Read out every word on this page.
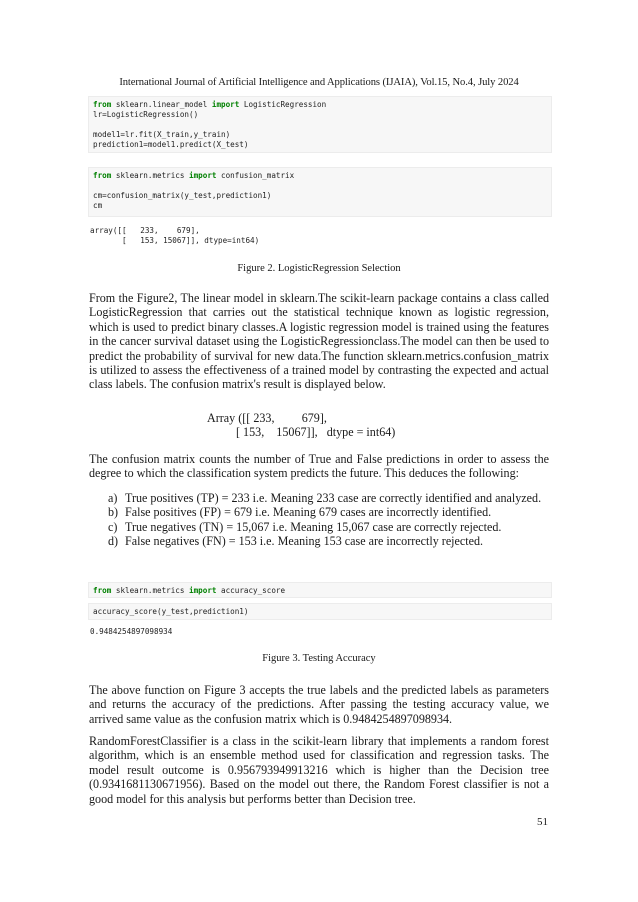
International Journal of Artificial Intelligence and Applications (IJAIA), Vol.15, No.4, July 2024
from sklearn.linear_model import LogisticRegression
lr=LogisticRegression()
model1=lr.fit(X_train,y_train)
prediction1=model1.predict(X_test)
from sklearn.metrics import confusion_matrix
cm=confusion_matrix(y_test,prediction1)
cm
array([[   233,    679],
[   153, 15067]], dtype=int64)
Figure 2. LogisticRegression Selection
From the Figure2, The linear model in sklearn.The scikit-learn package contains a class called LogisticRegression that carries out the statistical technique known as logistic regression, which is used to predict binary classes.A logistic regression model is trained using the features in the cancer survival dataset using the LogisticRegressionclass.The model can then be used to predict the probability of survival for new data.The function sklearn.metrics.confusion_matrix is utilized to assess the effectiveness of a trained model by contrasting the expected and actual class labels. The confusion matrix's result is displayed below.
Array ([[ 233,         679],
[ 153,    15067]],   dtype = int64)
The confusion matrix counts the number of True and False predictions in order to assess the degree to which the classification system predicts the future. This deduces the following:
a) True positives (TP) = 233 i.e. Meaning 233 case are correctly identified and analyzed.
b) False positives (FP) = 679 i.e. Meaning 679 cases are incorrectly identified.
c) True negatives (TN) = 15,067 i.e. Meaning 15,067 case are correctly rejected.
d) False negatives (FN) = 153 i.e. Meaning 153 case are incorrectly rejected.
from sklearn.metrics import accuracy_score
accuracy_score(y_test,prediction1)
0.9484254897098934
Figure 3. Testing Accuracy
The above function on Figure 3 accepts the true labels and the predicted labels as parameters and returns the accuracy of the predictions. After passing the testing accuracy value, we arrived same value as the confusion matrix which is 0.9484254897098934.
RandomForestClassifier is a class in the scikit-learn library that implements a random forest algorithm, which is an ensemble method used for classification and regression tasks. The model result outcome is 0.956793949913216 which is higher than the Decision tree (0.9341681130671956). Based on the model out there, the Random Forest classifier is not a good model for this analysis but performs better than Decision tree.
51
